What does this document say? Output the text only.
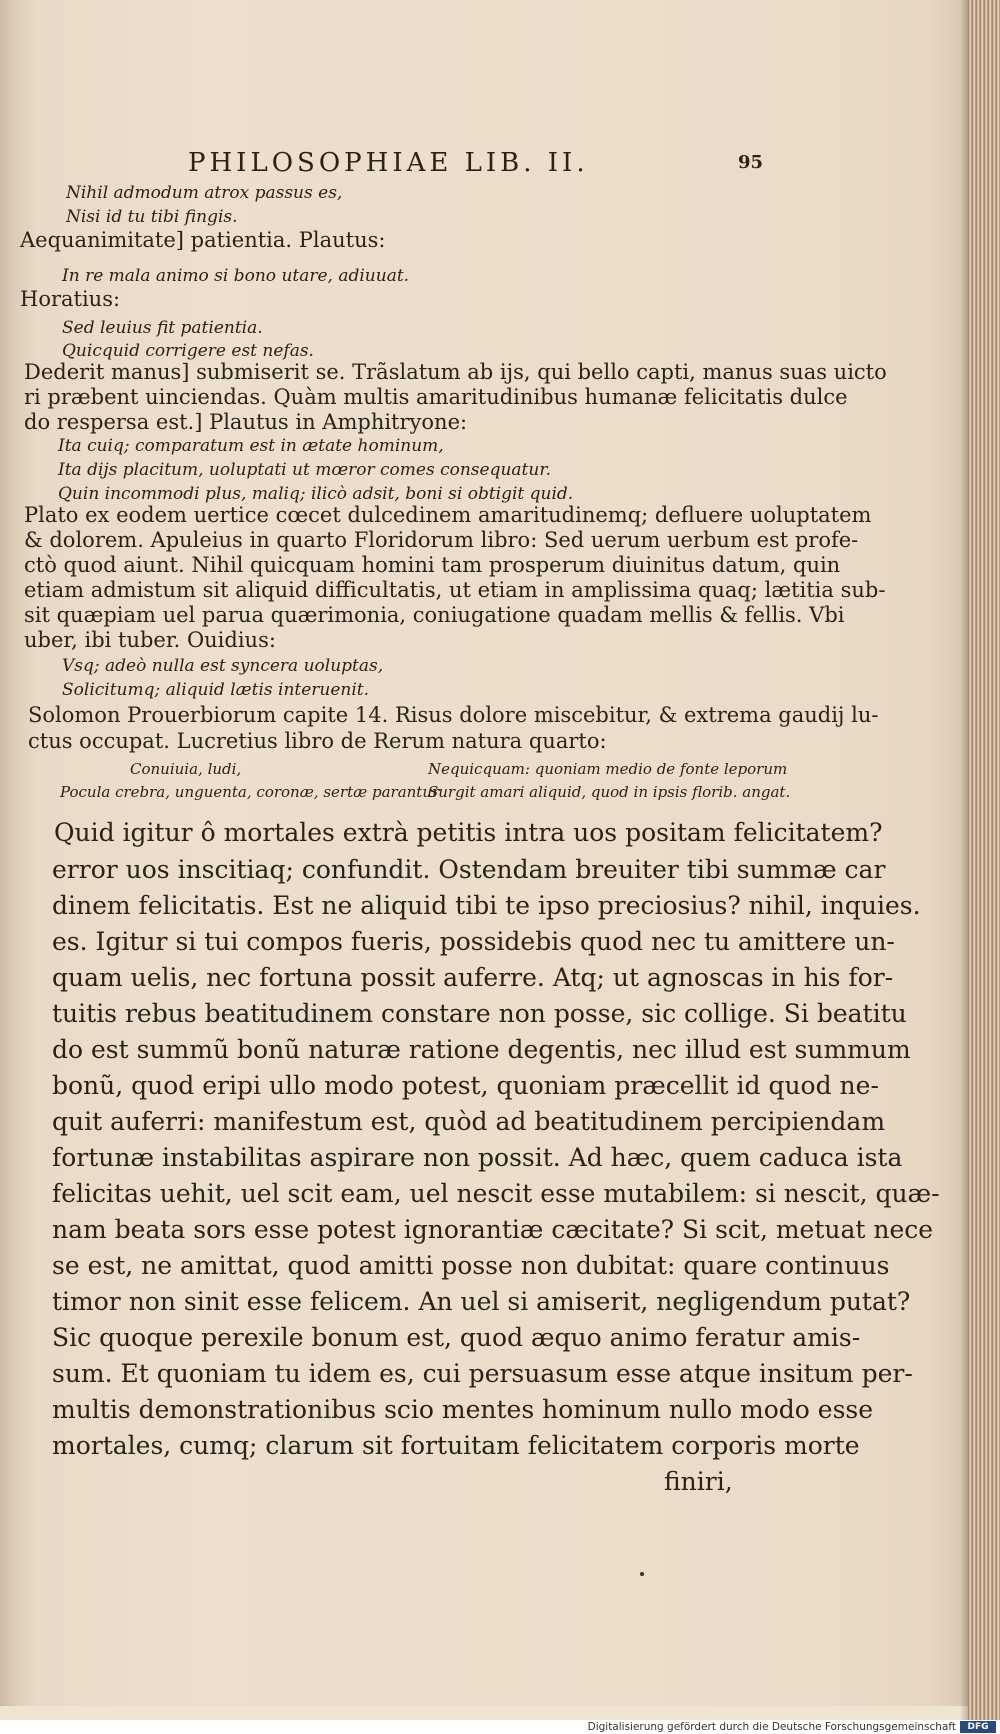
PHILOSOPHIAE LIB. II.	95
Nihil admodum atrox passus es,
Nisi id tu tibi fingis.
Aequanimitate] patientia. Plautus:
In re mala animo si bono utare, adiuuat.
Horatius:
Sed leuius fit patientia.
Quicquid corrigere est nefas.
Dederit manus] submiserit se. Trãslatum ab ijs, qui bello capti, manus suas uicto
ri præbent uinciendas. Quàm multis amaritudinibus humanæ felicitatis dulce
do respersa est.] Plautus in Amphitryone:
Ita cuiq; comparatum est in ætate hominum,
Ita dijs placitum, uoluptati ut mœror comes consequatur.
Quin incommodi plus, maliq; ilicò adsit, boni si obtigit quid.
Plato ex eodem uertice cœcet dulcedinem amaritudinemq; defluere uoluptatem
& dolorem. Apuleius in quarto Floridorum libro: Sed uerum uerbum est profe-
ctò quod aiunt. Nihil quicquam homini tam prosperum diuinitus datum, quin
etiam admistum sit aliquid difficultatis, ut etiam in amplissima quaq; lætitia sub-
sit quæpiam uel parua quærimonia, coniugatione quadam mellis & fellis. Vbi
uber, ibi tuber. Ouidius:
Vsq; adeò nulla est syncera uoluptas,
Solicitumq; aliquid lætis interuenit.
Solomon Prouerbiorum capite 14. Risus dolore miscebitur, & extrema gaudij lu-
ctus occupat. Lucretius libro de Rerum natura quarto:
Conuiuia, ludi,
Pocula crebra, unguenta, coronæ, sertæ parantur
Nequicquam: quoniam medio de fonte leporum
Surgit amari aliquid, quod in ipsis florib. angat.
Quid igitur ô mortales extrà petitis intra uos positam felicitatem?
error uos inscitiaq; confundit. Ostendam breuiter tibi summæ car
dinem felicitatis. Est ne aliquid tibi te ipso preciosius? nihil, inquies.
es. Igitur si tui compos fueris, possidebis quod nec tu amittere un-
quam uelis, nec fortuna possit auferre. Atq; ut agnoscas in his for-
tuitis rebus beatitudinem constare non posse, sic collige. Si beatitu
do est summũ bonũ naturæ ratione degentis, nec illud est summum
bonũ, quod eripi ullo modo potest, quoniam præcellit id quod ne-
quit auferri: manifestum est, quòd ad beatitudinem percipiendam
fortunæ instabilitas aspirare non possit. Ad hæc, quem caduca ista
felicitas uehit, uel scit eam, uel nescit esse mutabilem: si nescit, quæ-
nam beata sors esse potest ignorantiæ cæcitate? Si scit, metuat nece
se est, ne amittat, quod amitti posse non dubitat: quare continuus
timor non sinit esse felicem. An uel si amiserit, negligendum putat?
Sic quoque perexile bonum est, quod æquo animo feratur amis-
sum. Et quoniam tu idem es, cui persuasum esse atque insitum per-
multis demonstrationibus scio mentes hominum nullo modo esse
mortales, cumq; clarum sit fortuitam felicitatem corporis morte
finiri,
Digitalisierung gefördert durch die Deutsche Forschungsgemeinschaft	DFG
